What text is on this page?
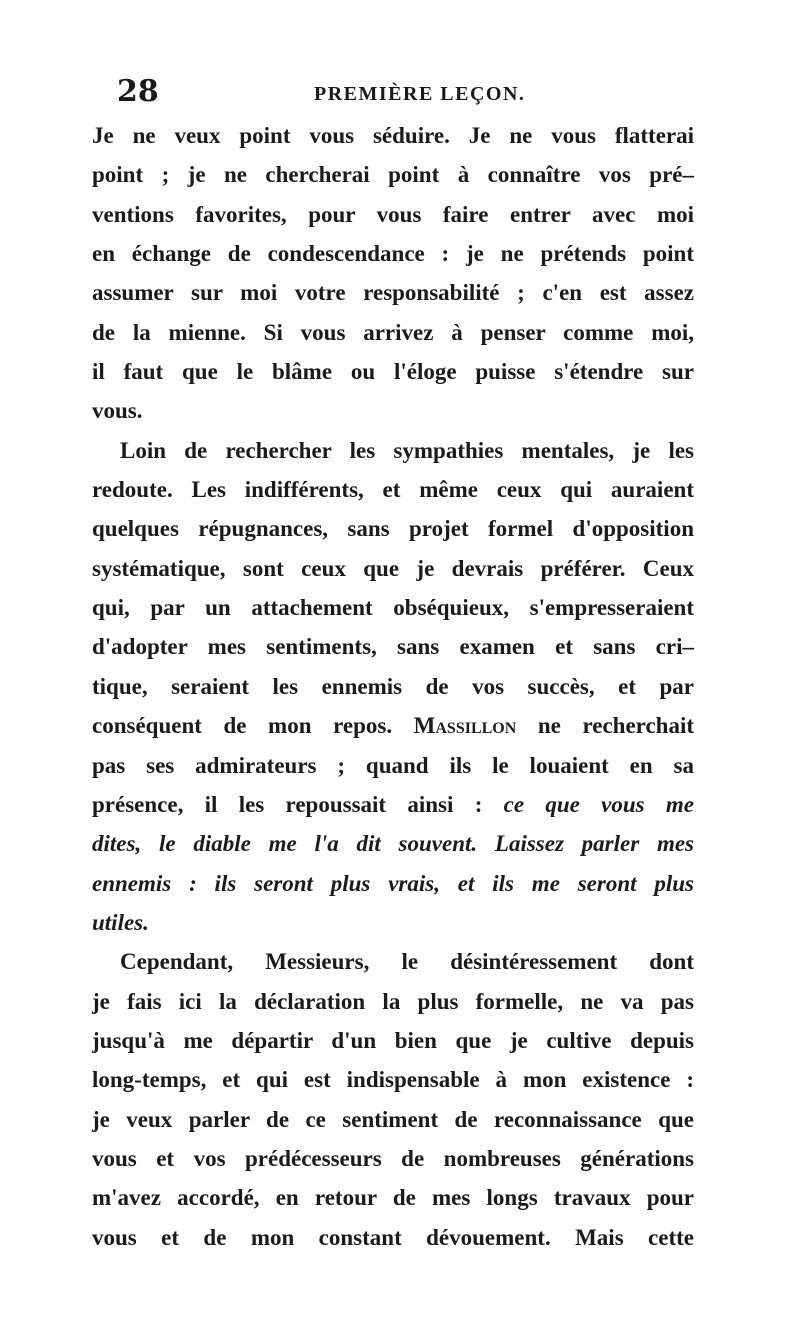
28	PREMIÈRE LEÇON.
Je ne veux point vous séduire. Je ne vous flatterai
point ; je ne chercherai point à connaître vos pré–
ventions favorites, pour vous faire entrer avec moi
en échange de condescendance : je ne prétends point
assumer sur moi votre responsabilité ; c'en est assez
de la mienne. Si vous arrivez à penser comme moi,
il faut que le blâme ou l'éloge puisse s'étendre sur
vous.
Loin de rechercher les sympathies mentales, je les
redoute. Les indifférents, et même ceux qui auraient
quelques répugnances, sans projet formel d'opposition
systématique, sont ceux que je devrais préférer. Ceux
qui, par un attachement obséquieux, s'empresseraient
d'adopter mes sentiments, sans examen et sans cri–
tique, seraient les ennemis de vos succès, et par
conséquent de mon repos. Massillon ne recherchait
pas ses admirateurs ; quand ils le louaient en sa
présence, il les repoussait ainsi : ce que vous me
dites, le diable me l'a dit souvent. Laissez parler mes
ennemis : ils seront plus vrais, et ils me seront plus
utiles.
Cependant, Messieurs, le désintéressement dont
je fais ici la déclaration la plus formelle, ne va pas
jusqu'à me départir d'un bien que je cultive depuis
long-temps, et qui est indispensable à mon existence :
je veux parler de ce sentiment de reconnaissance que
vous et vos prédécesseurs de nombreuses générations
m'avez accordé, en retour de mes longs travaux pour
vous et de mon constant dévouement. Mais cette
